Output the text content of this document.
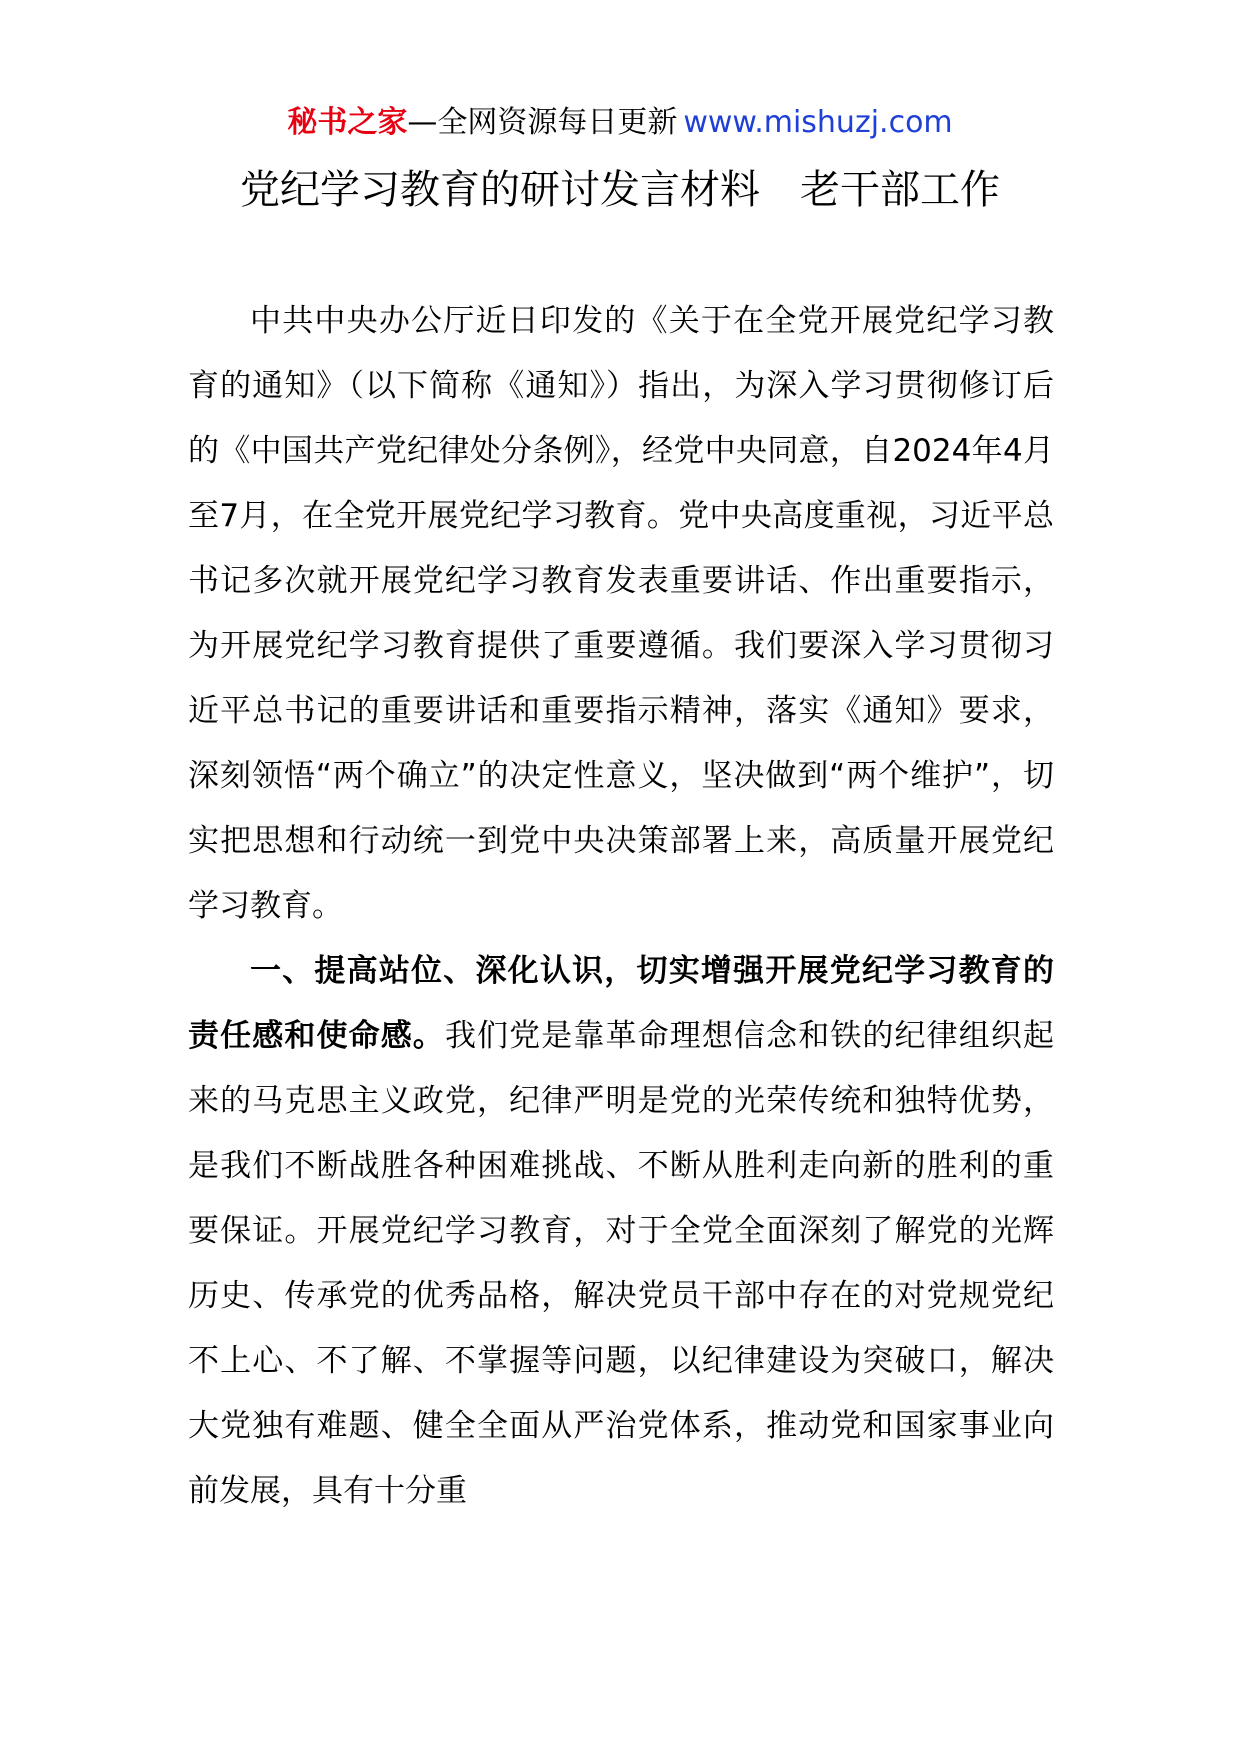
秘书之家—全网资源每日更新 www.mishuzj.com
党纪学习教育的研讨发言材料　老干部工作

中共中央办公厅近日印发的《关于在全党开展党纪学习教育的通知》（以下简称《通知》）指出，为深入学习贯彻修订后的《中国共产党纪律处分条例》，经党中央同意，自2024年4月至7月，在全党开展党纪学习教育。党中央高度重视，习近平总书记多次就开展党纪学习教育发表重要讲话、作出重要指示，为开展党纪学习教育提供了重要遵循。我们要深入学习贯彻习近平总书记的重要讲话和重要指示精神，落实《通知》要求，深刻领悟“两个确立”的决定性意义，坚决做到“两个维护”，切实把思想和行动统一到党中央决策部署上来，高质量开展党纪学习教育。

一、提高站位、深化认识，切实增强开展党纪学习教育的责任感和使命感。我们党是靠革命理想信念和铁的纪律组织起来的马克思主义政党，纪律严明是党的光荣传统和独特优势，是我们不断战胜各种困难挑战、不断从胜利走向新的胜利的重要保证。开展党纪学习教育，对于全党全面深刻了解党的光辉历史、传承党的优秀品格，解决党员干部中存在的对党规党纪不上心、不了解、不掌握等问题，以纪律建设为突破口，解决大党独有难题、健全全面从严治党体系，推动党和国家事业向前发展，具有十分重
